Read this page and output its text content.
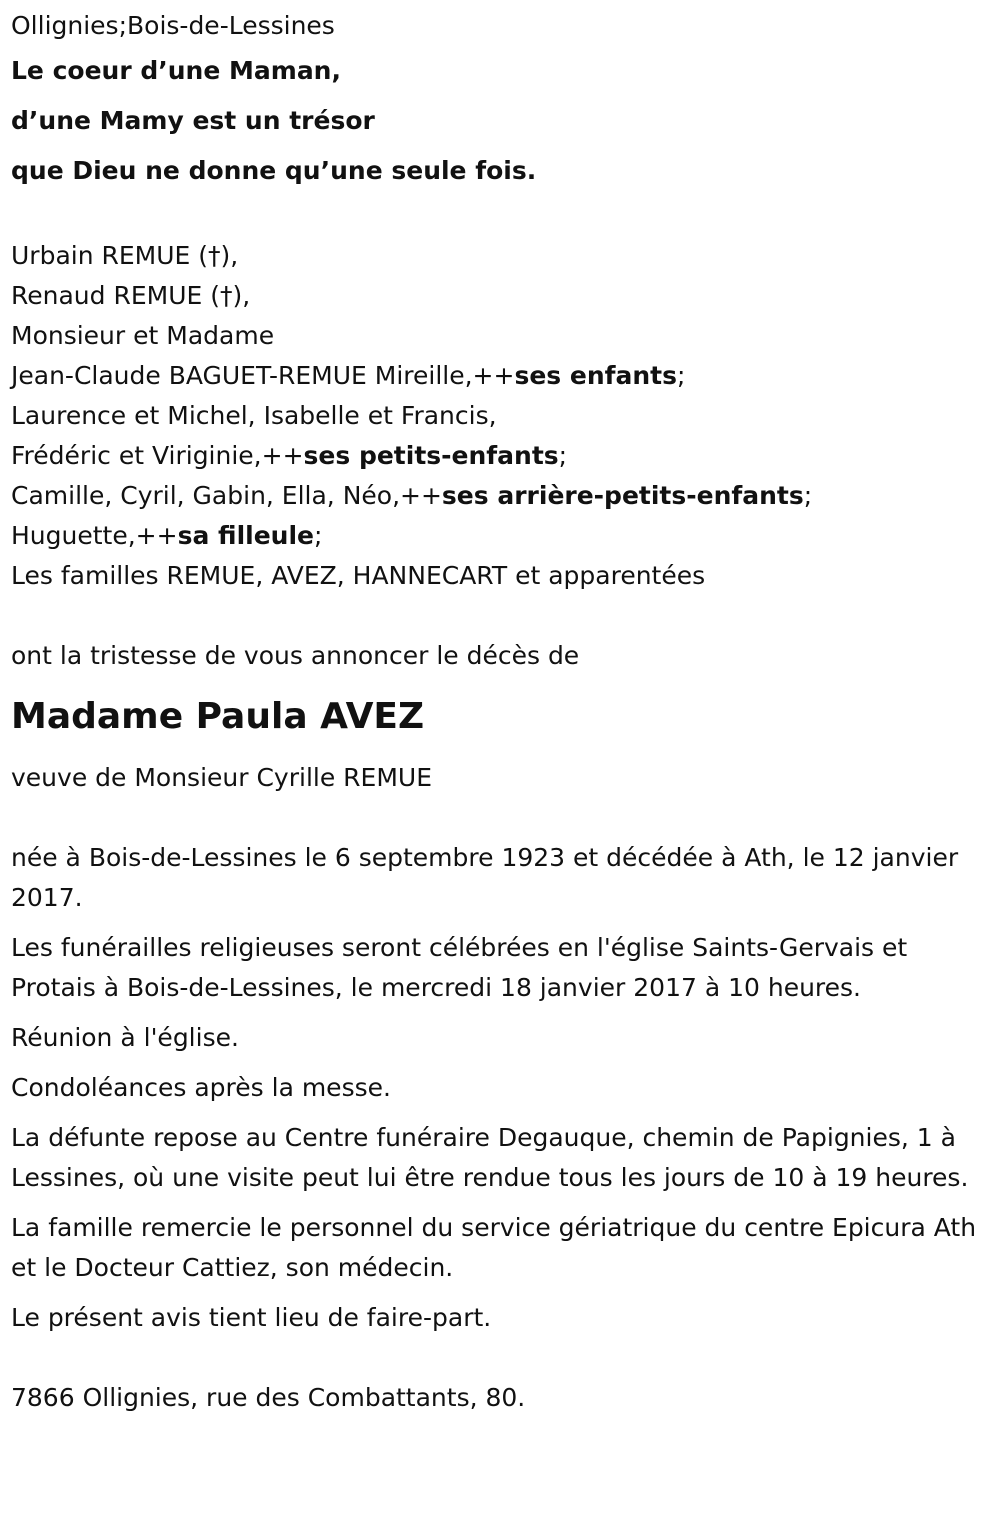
Ollignies;Bois-de-Lessines
Le coeur d’une Maman,
d’une Mamy est un trésor
que Dieu ne donne qu’une seule fois.
Urbain REMUE (†),
Renaud REMUE (†),
Monsieur et Madame
Jean-Claude BAGUET-REMUE Mireille,++ses enfants;
Laurence et Michel, Isabelle et Francis,
Frédéric et Viriginie,++ses petits-enfants;
Camille, Cyril, Gabin, Ella, Néo,++ses arrière-petits-enfants;
Huguette,++sa filleule;
Les familles REMUE, AVEZ, HANNECART et apparentées
ont la tristesse de vous annoncer le décès de
Madame Paula AVEZ
veuve de Monsieur Cyrille REMUE
née à Bois-de-Lessines le 6 septembre 1923 et décédée à Ath, le 12 janvier 2017.
Les funérailles religieuses seront célébrées en l'église Saints-Gervais et Protais à Bois-de-Lessines, le mercredi 18 janvier 2017 à 10 heures.
Réunion à l'église.
Condoléances après la messe.
La défunte repose au Centre funéraire Degauque, chemin de Papignies, 1 à Lessines, où une visite peut lui être rendue tous les jours de 10 à 19 heures.
La famille remercie le personnel du service gériatrique du centre Epicura Ath et le Docteur Cattiez, son médecin.
Le présent avis tient lieu de faire-part.
7866 Ollignies, rue des Combattants, 80.
